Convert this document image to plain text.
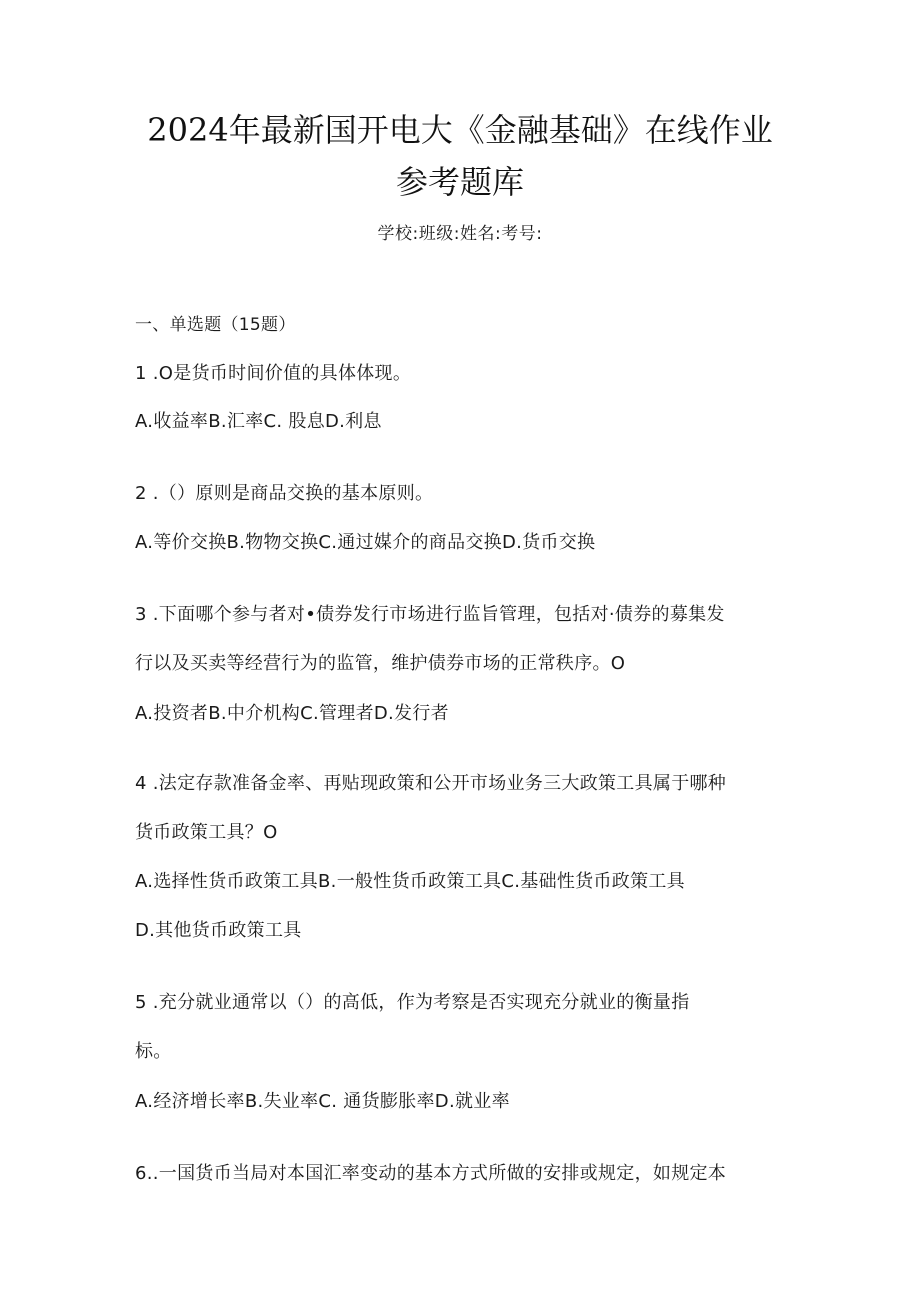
2024年最新国开电大《金融基础》在线作业
参考题库
学校:班级:姓名:考号:
一、单选题（15题）
1 .O是货币时间价值的具体体现。
A.收益率B.汇率C. 股息D.利息
2 .（）原则是商品交换的基本原则。
A.等价交换B.物物交换C.通过媒介的商品交换D.货币交换
3 .下面哪个参与者对•债券发行市场进行监旨管理，包括对·债券的募集发
行以及买卖等经营行为的监管，维护债券市场的正常秩序。O
A.投资者B.中介机构C.管理者D.发行者
4 .法定存款准备金率、再贴现政策和公开市场业务三大政策工具属于哪种
货币政策工具？O
A.选择性货币政策工具B.一般性货币政策工具C.基础性货币政策工具
D.其他货币政策工具
5 .充分就业通常以（）的高低，作为考察是否实现充分就业的衡量指
标。
A.经济增长率B.失业率C. 通货膨胀率D.就业率
6..一国货币当局对本国汇率变动的基本方式所做的安排或规定，如规定本
